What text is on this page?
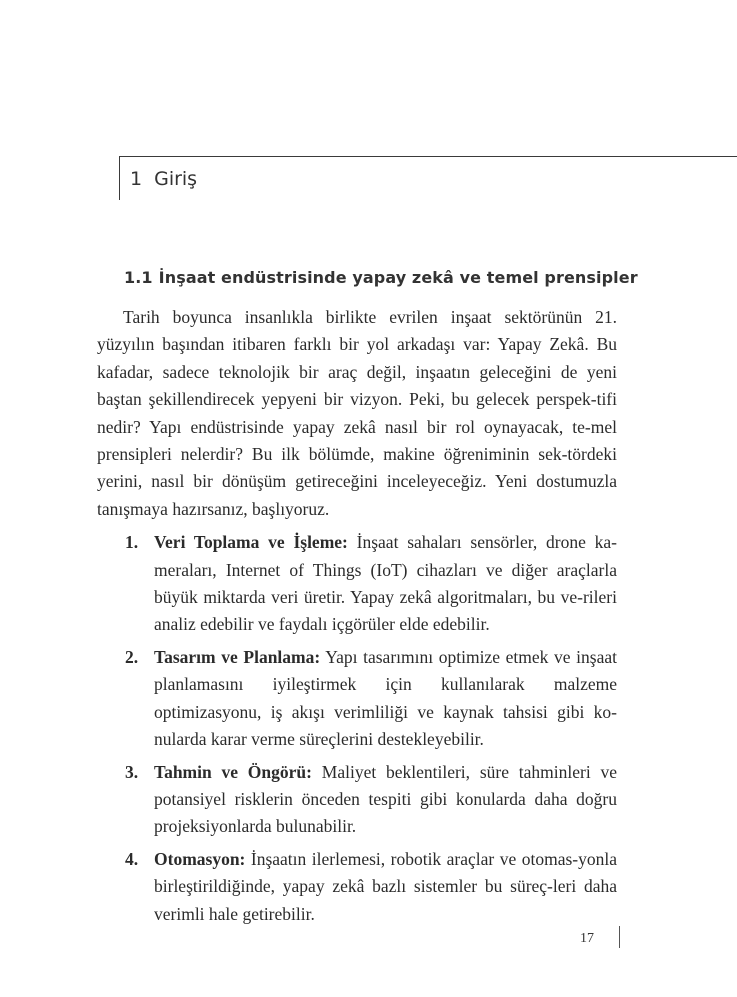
1 Giriş
1.1 İnşaat endüstrisinde yapay zekâ ve temel prensipler

Tarih boyunca insanlıkla birlikte evrilen inşaat sektörünün 21. yüzyılın başından itibaren farklı bir yol arkadaşı var: Yapay Zekâ. Bu kafadar, sadece teknolojik bir araç değil, inşaatın geleceğini de yeni baştan şekillendirecek yepyeni bir vizyon. Peki, bu gelecek perspek-tifi nedir? Yapı endüstrisinde yapay zekâ nasıl bir rol oynayacak, te-mel prensipleri nelerdir? Bu ilk bölümde, makine öğreniminin sek-tördeki yerini, nasıl bir dönüşüm getireceğini inceleyeceğiz. Yeni dostumuzla tanışmaya hazırsanız, başlıyoruz.

1. Veri Toplama ve İşleme: İnşaat sahaları sensörler, drone ka-meraları, Internet of Things (IoT) cihazları ve diğer araçlarla büyük miktarda veri üretir. Yapay zekâ algoritmaları, bu ve-rileri analiz edebilir ve faydalı içgörüler elde edebilir.
2. Tasarım ve Planlama: Yapı tasarımını optimize etmek ve inşaat planlamasını iyileştirmek için kullanılarak malzeme optimizasyonu, iş akışı verimliliği ve kaynak tahsisi gibi ko-nularda karar verme süreçlerini destekleyebilir.
3. Tahmin ve Öngörü: Maliyet beklentileri, süre tahminleri ve potansiyel risklerin önceden tespiti gibi konularda daha doğru projeksiyonlarda bulunabilir.
4. Otomasyon: İnşaatın ilerlemesi, robotik araçlar ve otomas-yonla birleştirildiğinde, yapay zekâ bazlı sistemler bu süreç-leri daha verimli hale getirebilir.
17
